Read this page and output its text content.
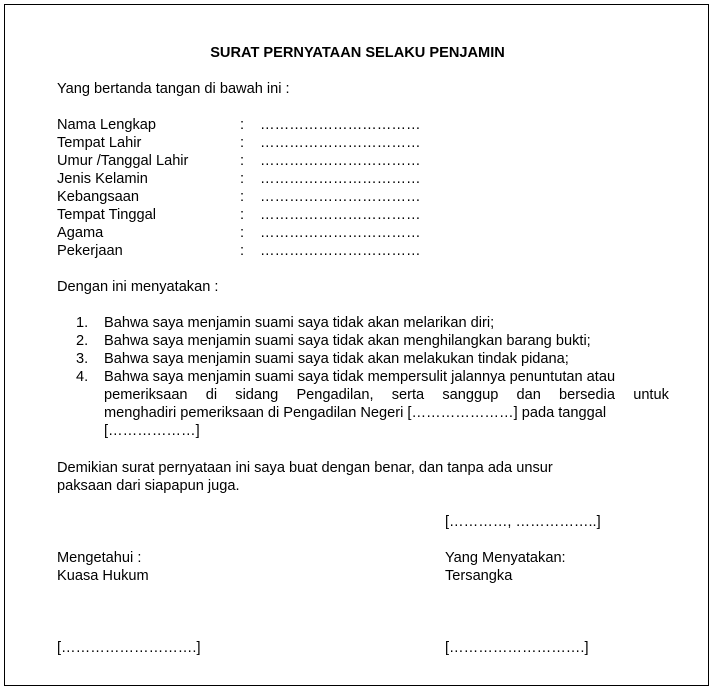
SURAT PERNYATAAN SELAKU PENJAMIN
Yang bertanda tangan di bawah ini :
Nama Lengkap	: ……………………………
Tempat Lahir	: ……………………………
Umur /Tanggal Lahir	: ……………………………
Jenis Kelamin	: ……………………………
Kebangsaan	: ……………………………
Tempat Tinggal	: ……………………………
Agama	: ……………………………
Pekerjaan	: ……………………………
Dengan ini menyatakan :
1. Bahwa saya menjamin suami saya tidak akan melarikan diri;
2. Bahwa saya menjamin suami saya tidak akan menghilangkan barang bukti;
3. Bahwa saya menjamin suami saya tidak akan melakukan tindak pidana;
4. Bahwa saya menjamin suami saya tidak mempersulit jalannya penuntutan atau
pemeriksaan di sidang Pengadilan, serta sanggup dan bersedia untuk
menghadiri pemeriksaan di Pengadilan Negeri […………………] pada tanggal
[………………]
Demikian surat pernyataan ini saya buat dengan benar, dan tanpa ada unsur
paksaan dari siapapun juga.
[…………, ……………..]
Mengetahui :
Kuasa Hukum
[……………………….]
Yang Menyatakan:
Tersangka
[……………………….]
